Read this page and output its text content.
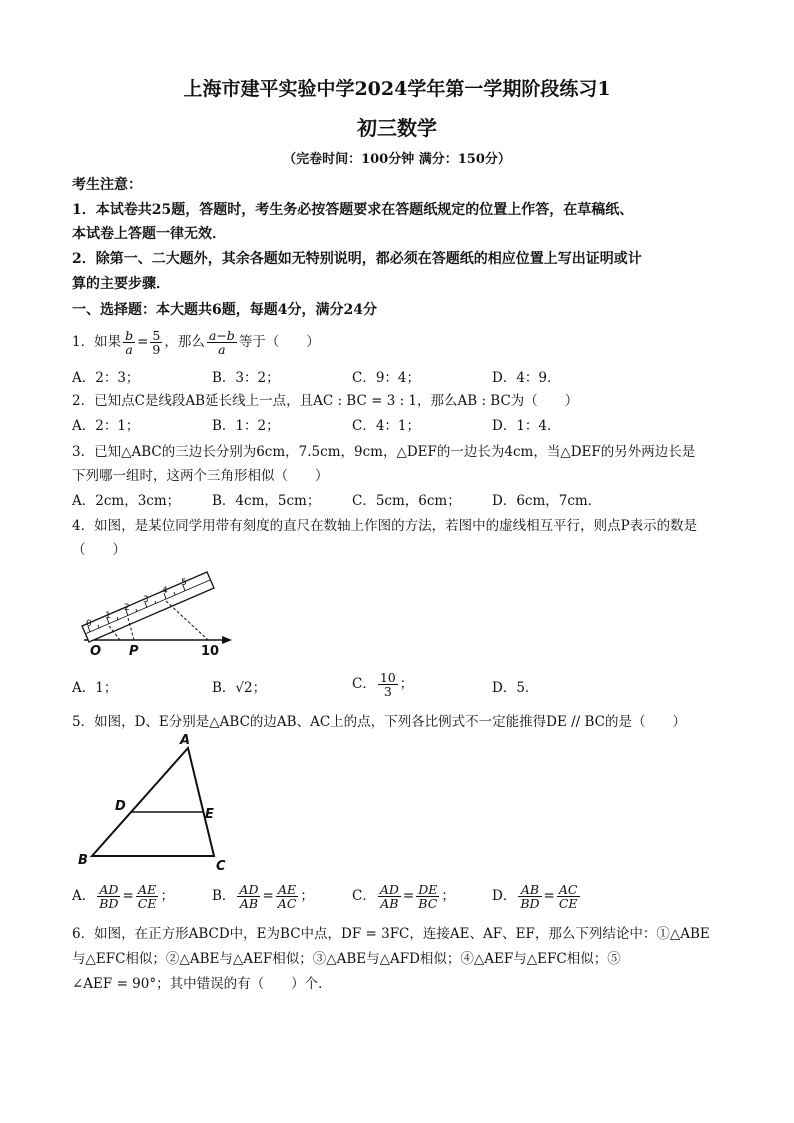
上海市建平实验中学2024学年第一学期阶段练习1
初三数学
（完卷时间：100分钟 满分：150分）
考生注意：
1．本试卷共25题，答题时，考生务必按答题要求在答题纸规定的位置上作答，在草稿纸、
本试卷上答题一律无效．
2．除第一、二大题外，其余各题如无特别说明，都必须在答题纸的相应位置上写出证明或计
算的主要步骤．
一、选择题：本大题共6题，每题4分，满分24分
1．如果 $\frac{b}{a} = \frac{5}{9}$ ，那么 $\frac{a-b}{a}$ 等于（　　）
A．2：3；	B．3：2；	C．9：4；	D．4：9．
2．已知点C是线段AB延长线上一点，且AC : BC = 3 : 1，那么AB : BC为（　　）
A．2：1；	B．1：2；	C．4：1；	D．1：4．
3．已知△ABC的三边长分别为6cm，7.5cm，9cm，△DEF的一边长为4cm，当△DEF的另外两边长是
下列哪一组时，这两个三角形相似（　　）
A．2cm，3cm； B．4cm，5cm； C．5cm，6cm； D．6cm，7cm．
4．如图，是某位同学用带有刻度的直尺在数轴上作图的方法，若图中的虚线相互平行，则点P表示的数是
（　　）
0
1
2
3
4
5
O P	10
A．1；	B．√2；	C． $\frac{10}{3}$ ；	D．5．
5．如图，D、E分别是△ABC的边AB、AC上的点，下列各比例式不一定能推得DE // BC的是（　　）
A
B	C
D
E
A． $\frac{AD}{BD} = \frac{AE}{CE}$ ；	B． $\frac{AD}{AB} = \frac{AE}{AC}$ ；	C． $\frac{AD}{AB} = \frac{DE}{BC}$ ；	D． $\frac{AB}{BD} = \frac{AC}{CE}$
6．如图，在正方形ABCD中，E为BC中点，DF = 3FC，连接AE、AF、EF，那么下列结论中：①△ABE
与△EFC相似；②△ABE与△AEF相似；③△ABE与△AFD相似；④△AEF与△EFC相似；⑤
∠AEF = 90°；其中错误的有（　　）个．
